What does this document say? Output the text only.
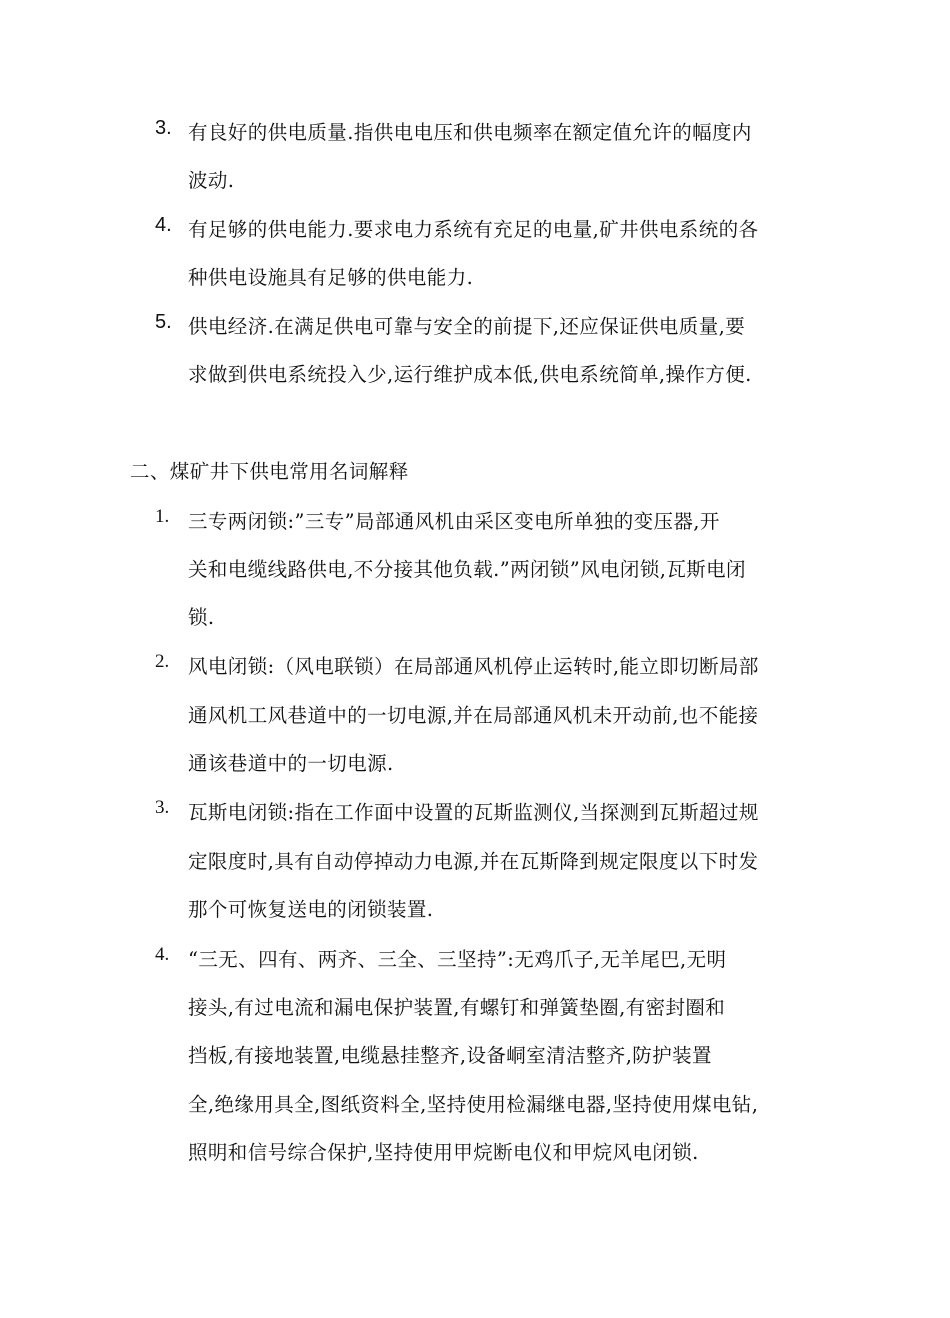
3. 有良好的供电质量.指供电电压和供电频率在额定值允许的幅度内
波动.
4. 有足够的供电能力.要求电力系统有充足的电量,矿井供电系统的各
种供电设施具有足够的供电能力.
5. 供电经济.在满足供电可靠与安全的前提下,还应保证供电质量,要
求做到供电系统投入少,运行维护成本低,供电系统简单,操作方便.
二、煤矿井下供电常用名词解释
1. 三专两闭锁:”三专”局部通风机由采区变电所单独的变压器,开
关和电缆线路供电,不分接其他负载.”两闭锁”风电闭锁,瓦斯电闭
锁.
2. 风电闭锁:（风电联锁）在局部通风机停止运转时,能立即切断局部
通风机工风巷道中的一切电源,并在局部通风机未开动前,也不能接
通该巷道中的一切电源.
3. 瓦斯电闭锁:指在工作面中设置的瓦斯监测仪,当探测到瓦斯超过规
定限度时,具有自动停掉动力电源,并在瓦斯降到规定限度以下时发
那个可恢复送电的闭锁装置.
4. “三无、四有、两齐、三全、三坚持”:无鸡爪子,无羊尾巴,无明
接头,有过电流和漏电保护装置,有螺钉和弹簧垫圈,有密封圈和
挡板,有接地装置,电缆悬挂整齐,设备峒室清洁整齐,防护装置
全,绝缘用具全,图纸资料全,坚持使用检漏继电器,坚持使用煤电钻,
照明和信号综合保护,坚持使用甲烷断电仪和甲烷风电闭锁.
